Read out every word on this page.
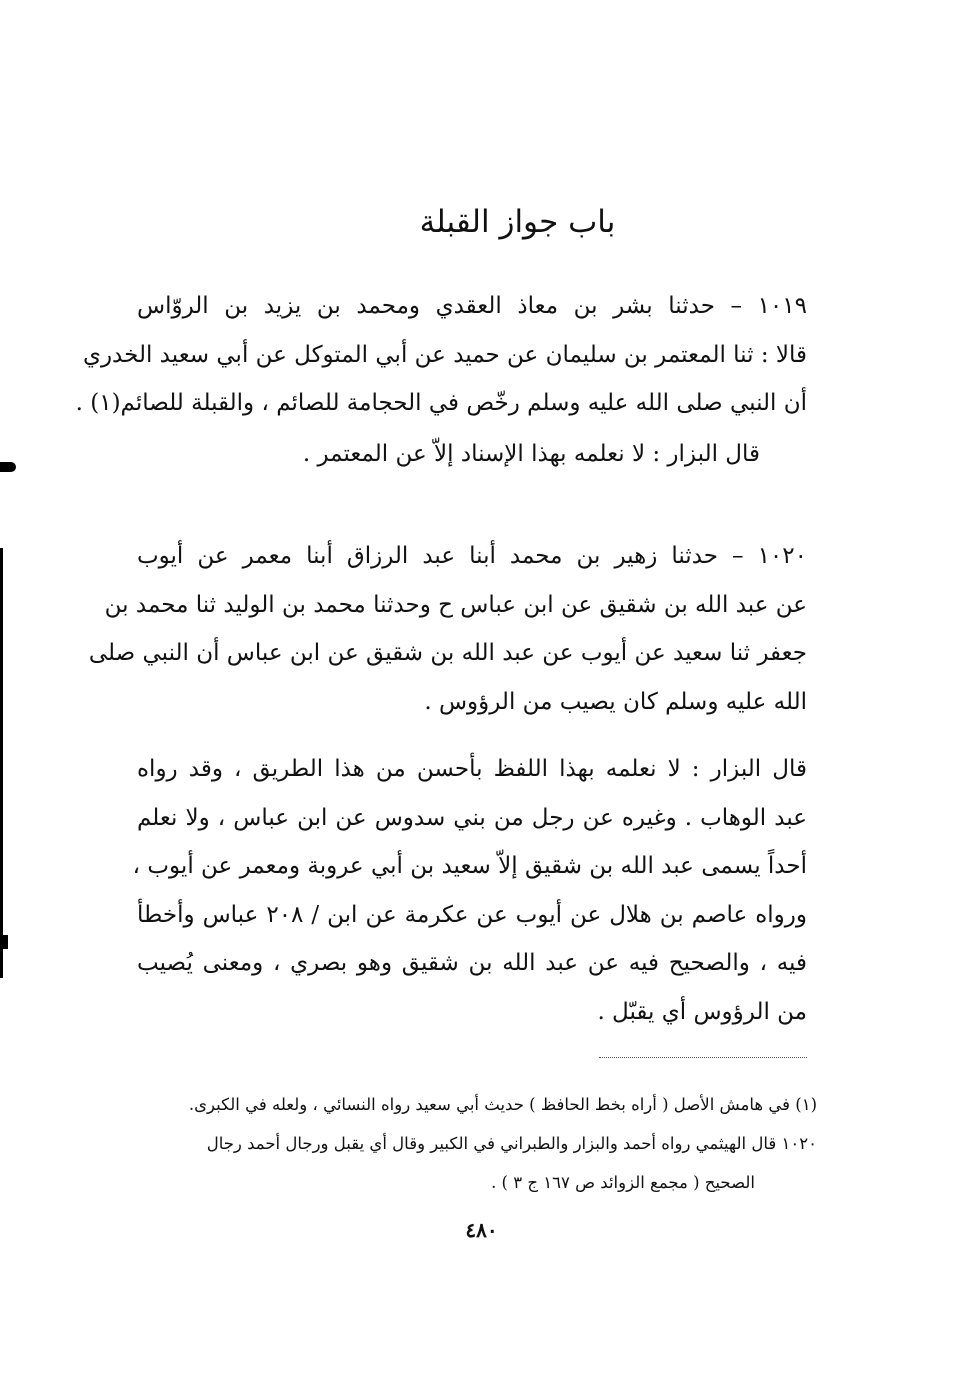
باب جواز القبلة
١٠١٩ – حدثنا بشر بن معاذ العقدي ومحمد بن يزيد بن الروّاس
قالا : ثنا المعتمر بن سليمان عن حميد عن أبي المتوكل عن أبي سعيد الخدري
أن النبي صلى الله عليه وسلم رخّص في الحجامة للصائم ، والقبلة للصائم(١) .
قال البزار : لا نعلمه بهذا الإسناد إلاّ عن المعتمر .
١٠٢٠ – حدثنا زهير بن محمد أبنا عبد الرزاق أبنا معمر عن أيوب
عن عبد الله بن شقيق عن ابن عباس ح وحدثنا محمد بن الوليد ثنا محمد بن
جعفر ثنا سعيد عن أيوب عن عبد الله بن شقيق عن ابن عباس أن النبي صلى
الله عليه وسلم كان يصيب من الرؤوس .
قال البزار : لا نعلمه بهذا اللفظ بأحسن من هذا الطريق ، وقد رواه
عبد الوهاب . وغيره عن رجل من بني سدوس عن ابن عباس ، ولا نعلم
أحداً يسمى عبد الله بن شقيق إلاّ سعيد بن أبي عروبة ومعمر عن أيوب ،
ورواه عاصم بن هلال عن أيوب عن عكرمة عن ابن / ٢٠٨ عباس وأخطأ
فيه ، والصحيح فيه عن عبد الله بن شقيق وهو بصري ، ومعنى يُصيب
من الرؤوس أي يقبّل .
(١) في هامش الأصل ( أراه بخط الحافظ ) حديث أبي سعيد رواه النسائي ، ولعله في الكبرى.
١٠٢٠ قال الهيثمي رواه أحمد والبزار والطبراني في الكبير وقال أي يقبل ورجال أحمد رجال
الصحيح ( مجمع الزوائد ص ١٦٧ ج ٣ ) .
٤٨٠
